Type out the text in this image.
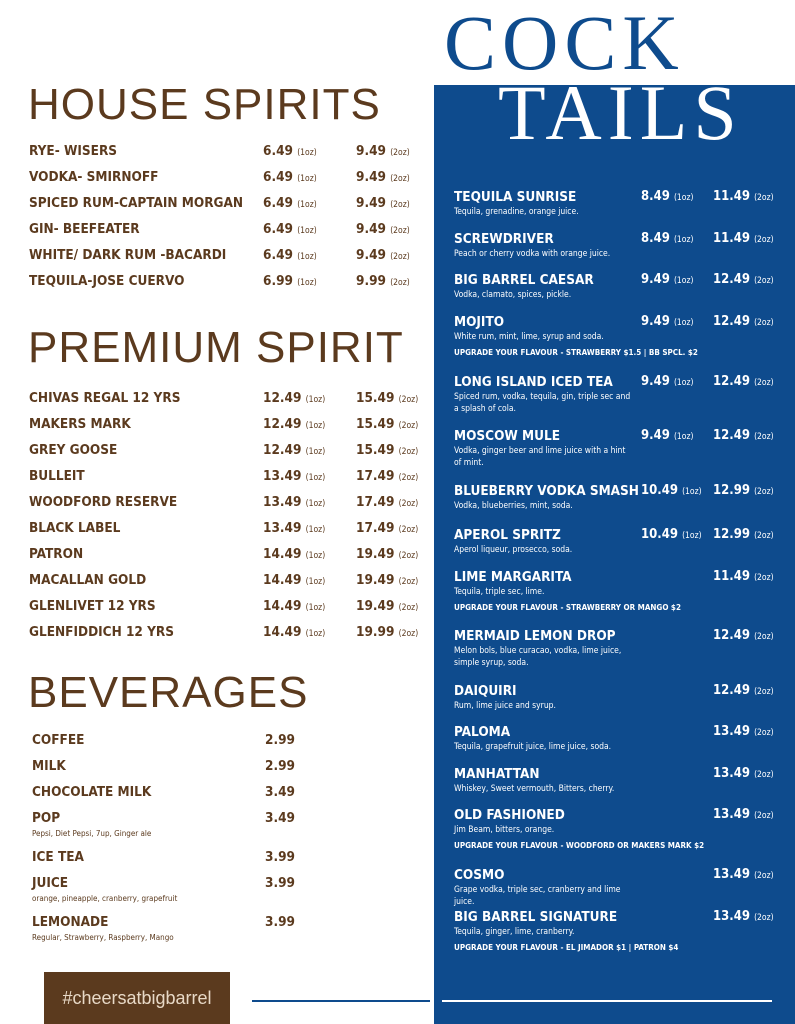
COCK
TAILS
HOUSE SPIRITS
PREMIUM SPIRIT
BEVERAGES
#cheersatbigbarrel
RYE- WISERS	6.49 (1oz)	9.49 (2oz)
VODKA- SMIRNOFF	6.49 (1oz)	9.49 (2oz)
SPICED RUM-CAPTAIN MORGAN 6.49 (1oz)	9.49 (2oz)
GIN- BEEFEATER	6.49 (1oz)	9.49 (2oz)
WHITE/ DARK RUM -BACARDI	6.49 (1oz)	9.49 (2oz)
TEQUILA-JOSE CUERVO	6.99 (1oz)	9.99 (2oz)
CHIVAS REGAL 12 YRS	12.49 (1oz) 15.49 (2oz)
MAKERS MARK	12.49 (1oz) 15.49 (2oz)
GREY GOOSE	12.49 (1oz) 15.49 (2oz)
BULLEIT	13.49 (1oz) 17.49 (2oz)
WOODFORD RESERVE	13.49 (1oz) 17.49 (2oz)
BLACK LABEL	13.49 (1oz) 17.49 (2oz)
PATRON	14.49 (1oz) 19.49 (2oz)
MACALLAN GOLD	14.49 (1oz) 19.49 (2oz)
GLENLIVET 12 YRS	14.49 (1oz) 19.49 (2oz)
GLENFIDDICH 12 YRS	14.49 (1oz) 19.99 (2oz)
COFFEE	2.99
MILK	2.99
CHOCOLATE MILK	3.49
POP	3.49
Pepsi, Diet Pepsi, 7up, Ginger ale
ICE TEA	3.99
JUICE	3.99
orange, pineapple, cranberry, grapefruit
LEMONADE	3.99
Regular, Strawberry, Raspberry, Mango
TEQUILA SUNRISE
Tequila, grenadine, orange juice.
8.49 (1oz) 11.49 (2oz)
SCREWDRIVER
Peach or cherry vodka with orange juice.
8.49 (1oz) 11.49 (2oz)
BIG BARREL CAESAR
Vodka, clamato, spices, pickle.
9.49 (1oz) 12.49 (2oz)
MOJITO
White rum, mint, lime, syrup and soda.
9.49 (1oz) 12.49 (2oz)
UPGRADE YOUR FLAVOUR - STRAWBERRY $1.5 | BB SPCL. $2
LONG ISLAND ICED TEA
Spiced rum, vodka, tequila, gin, triple sec and a splash of cola.
9.49 (1oz) 12.49 (2oz)
MOSCOW MULE
Vodka, ginger beer and lime juice with a hint of mint.
9.49 (1oz) 12.49 (2oz)
BLUEBERRY VODKA SMASH
Vodka, blueberries, mint, soda.
10.49 (1oz) 12.99 (2oz)
APEROL SPRITZ
Aperol liqueur, prosecco, soda.
10.49 (1oz) 12.99 (2oz)
LIME MARGARITA
Tequila, triple sec, lime.
11.49 (2oz)
UPGRADE YOUR FLAVOUR - STRAWBERRY OR MANGO $2
MERMAID LEMON DROP
Melon bols, blue curacao, vodka, lime juice, simple syrup, soda.
12.49 (2oz)
DAIQUIRI
Rum, lime juice and syrup.
12.49 (2oz)
PALOMA
Tequila, grapefruit juice, lime juice, soda.
13.49 (2oz)
MANHATTAN
Whiskey, Sweet vermouth, Bitters, cherry.
13.49 (2oz)
OLD FASHIONED
Jim Beam, bitters, orange.
13.49 (2oz)
UPGRADE YOUR FLAVOUR - WOODFORD OR MAKERS MARK $2
COSMO
Grape vodka, triple sec, cranberry and lime juice.
13.49 (2oz)
BIG BARREL SIGNATURE
Tequila, ginger, lime, cranberry.
13.49 (2oz)
UPGRADE YOUR FLAVOUR - EL JIMADOR $1 | PATRON $4
